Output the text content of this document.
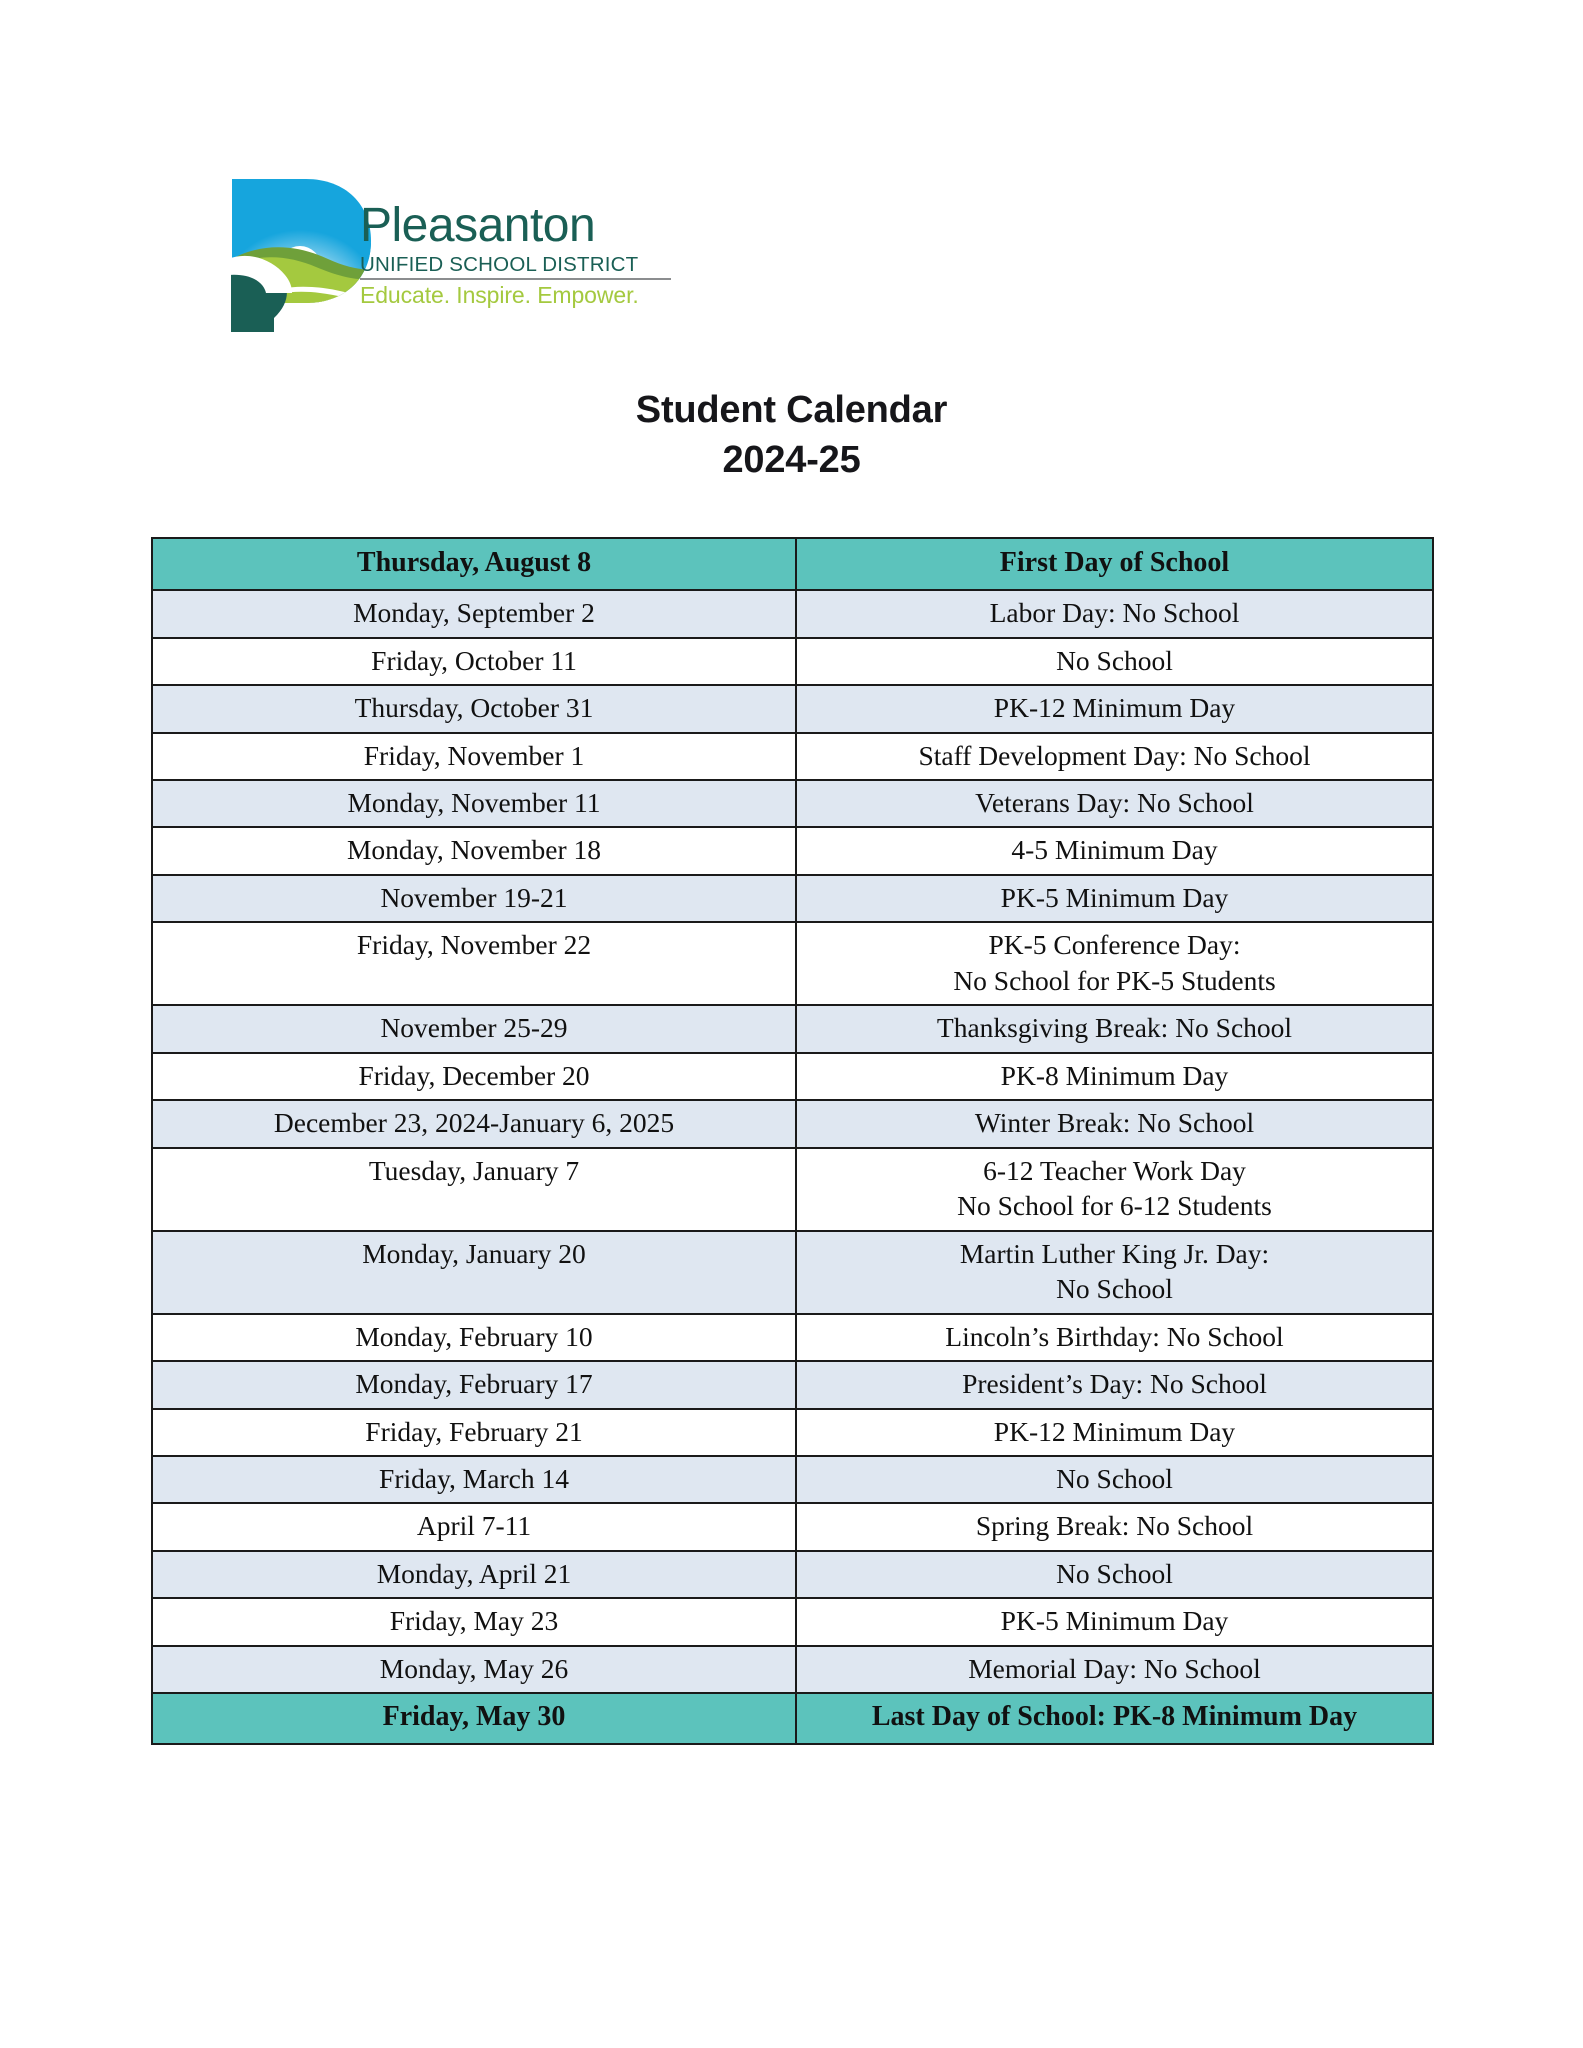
Pleasanton
UNIFIED SCHOOL DISTRICT
Educate. Inspire. Empower.
Student Calendar
2024-25
Thursday, August 8	First Day of School
Monday, September 2	Labor Day: No School
Friday, October 11	No School
Thursday, October 31	PK-12 Minimum Day
Friday, November 1	Staff Development Day: No School
Monday, November 11	Veterans Day: No School
Monday, November 18	4-5 Minimum Day
November 19-21	PK-5 Minimum Day
Friday, November 22	PK-5 Conference Day:
No School for PK-5 Students

November 25-29	Thanksgiving Break: No School
Friday, December 20	PK-8 Minimum Day
December 23, 2024-January 6, 2025	Winter Break: No School
Tuesday, January 7	6-12 Teacher Work Day
No School for 6-12 Students

Monday, January 20	Martin Luther King Jr. Day:
No School

Monday, February 10	Lincoln’s Birthday: No School
Monday, February 17	President’s Day: No School
Friday, February 21	PK-12 Minimum Day
Friday, March 14	No School
April 7-11	Spring Break: No School
Monday, April 21	No School
Friday, May 23	PK-5 Minimum Day
Monday, May 26	Memorial Day: No School
Friday, May 30	Last Day of School: PK-8 Minimum Day
